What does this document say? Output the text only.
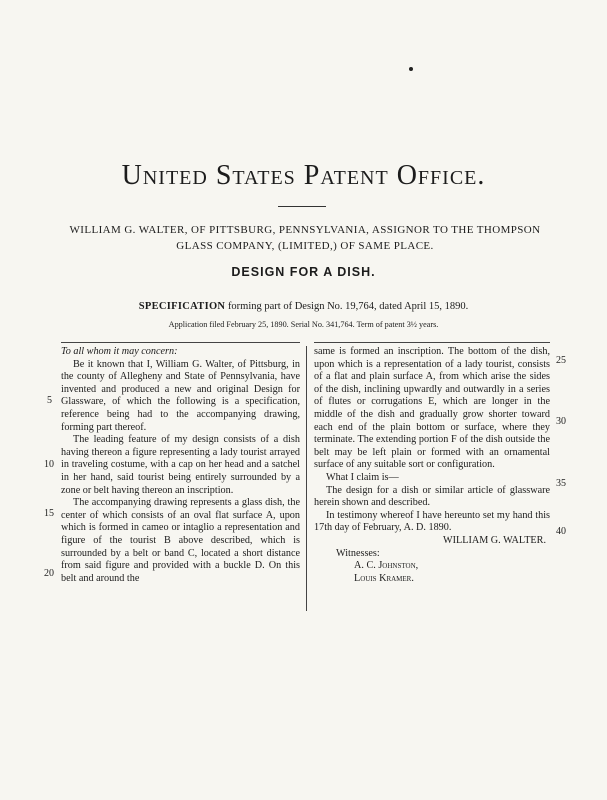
United States Patent Office.
WILLIAM G. WALTER, OF PITTSBURG, PENNSYLVANIA, ASSIGNOR TO THE THOMPSON GLASS COMPANY, (LIMITED,) OF SAME PLACE.
DESIGN FOR A DISH.
SPECIFICATION forming part of Design No. 19,764, dated April 15, 1890.
Application filed February 25, 1890. Serial No. 341,764. Term of patent 3½ years.

To all whom it may concern:

Be it known that I, William G. Walter, of Pittsburg, in the county of Allegheny and State of Pennsylvania, have invented and produced a new and original Design for Glassware, of which the following is a specification, reference being had to the accompanying drawing, forming part thereof.

The leading feature of my design consists of a dish having thereon a figure representing a lady tourist arrayed in traveling costume, with a cap on her head and a satchel in her hand, said tourist being entirely surrounded by a zone or belt having thereon an inscription.

The accompanying drawing represents a glass dish, the center of which consists of an oval flat surface A, upon which is formed in cameo or intaglio a representation and figure of the tourist B above described, which is surrounded by a belt or band C, located a short distance from said figure and provided with a buckle D. On this belt and around the

same is formed an inscription. The bottom of the dish, upon which is a representation of a lady tourist, consists of a flat and plain surface A, from which arise the sides of the dish, inclining upwardly and outwardly in a series of flutes or corrugations E, which are longer in the middle of the dish and gradually grow shorter toward each end of the plain bottom or surface, where they terminate. The extending portion F of the dish outside the belt may be left plain or formed with an ornamental surface of any suitable sort or configuration.

What I claim is—

The design for a dish or similar article of glassware herein shown and described.

In testimony whereof I have hereunto set my hand this 17th day of February, A. D. 1890.

WILLIAM G. WALTER.

Witnesses:

A. C. Johnston,

Louis Kramer.

5
10
15
20
25
30
35
40
